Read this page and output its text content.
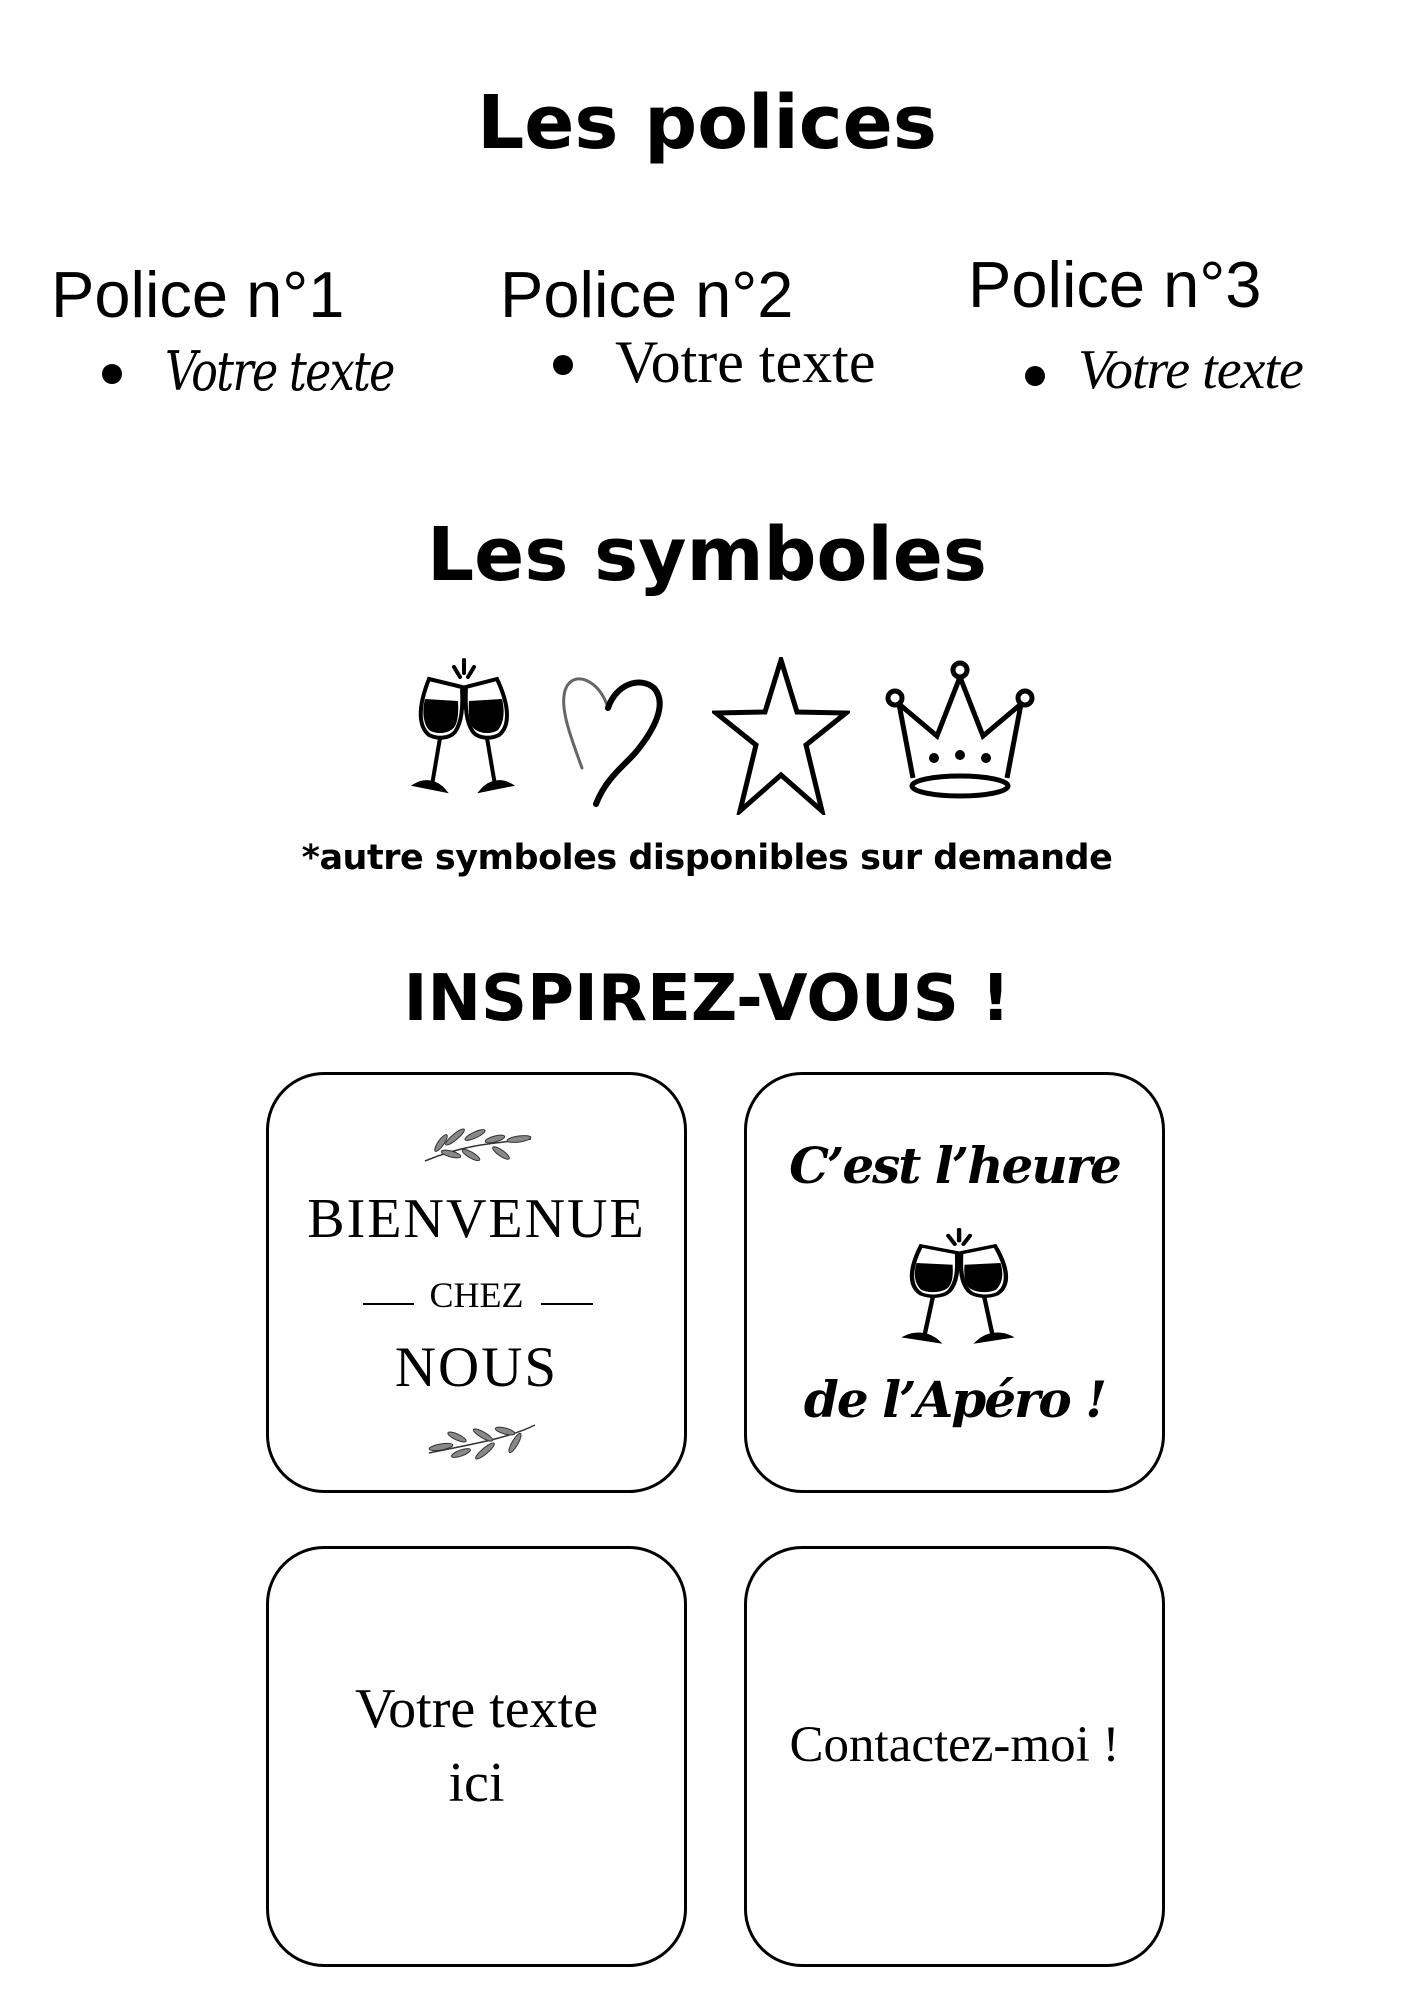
Les polices
Police n°1
Votre texte
Police n°2
Votre texte
Police n°3
Votre texte
Les symboles
*autre symboles disponibles sur demande
INSPIREZ-VOUS !
BIENVENUE
CHEZ
NOUS
C’est l’heure
de l’Apéro !
Votre texte
ici
Contactez-moi !
